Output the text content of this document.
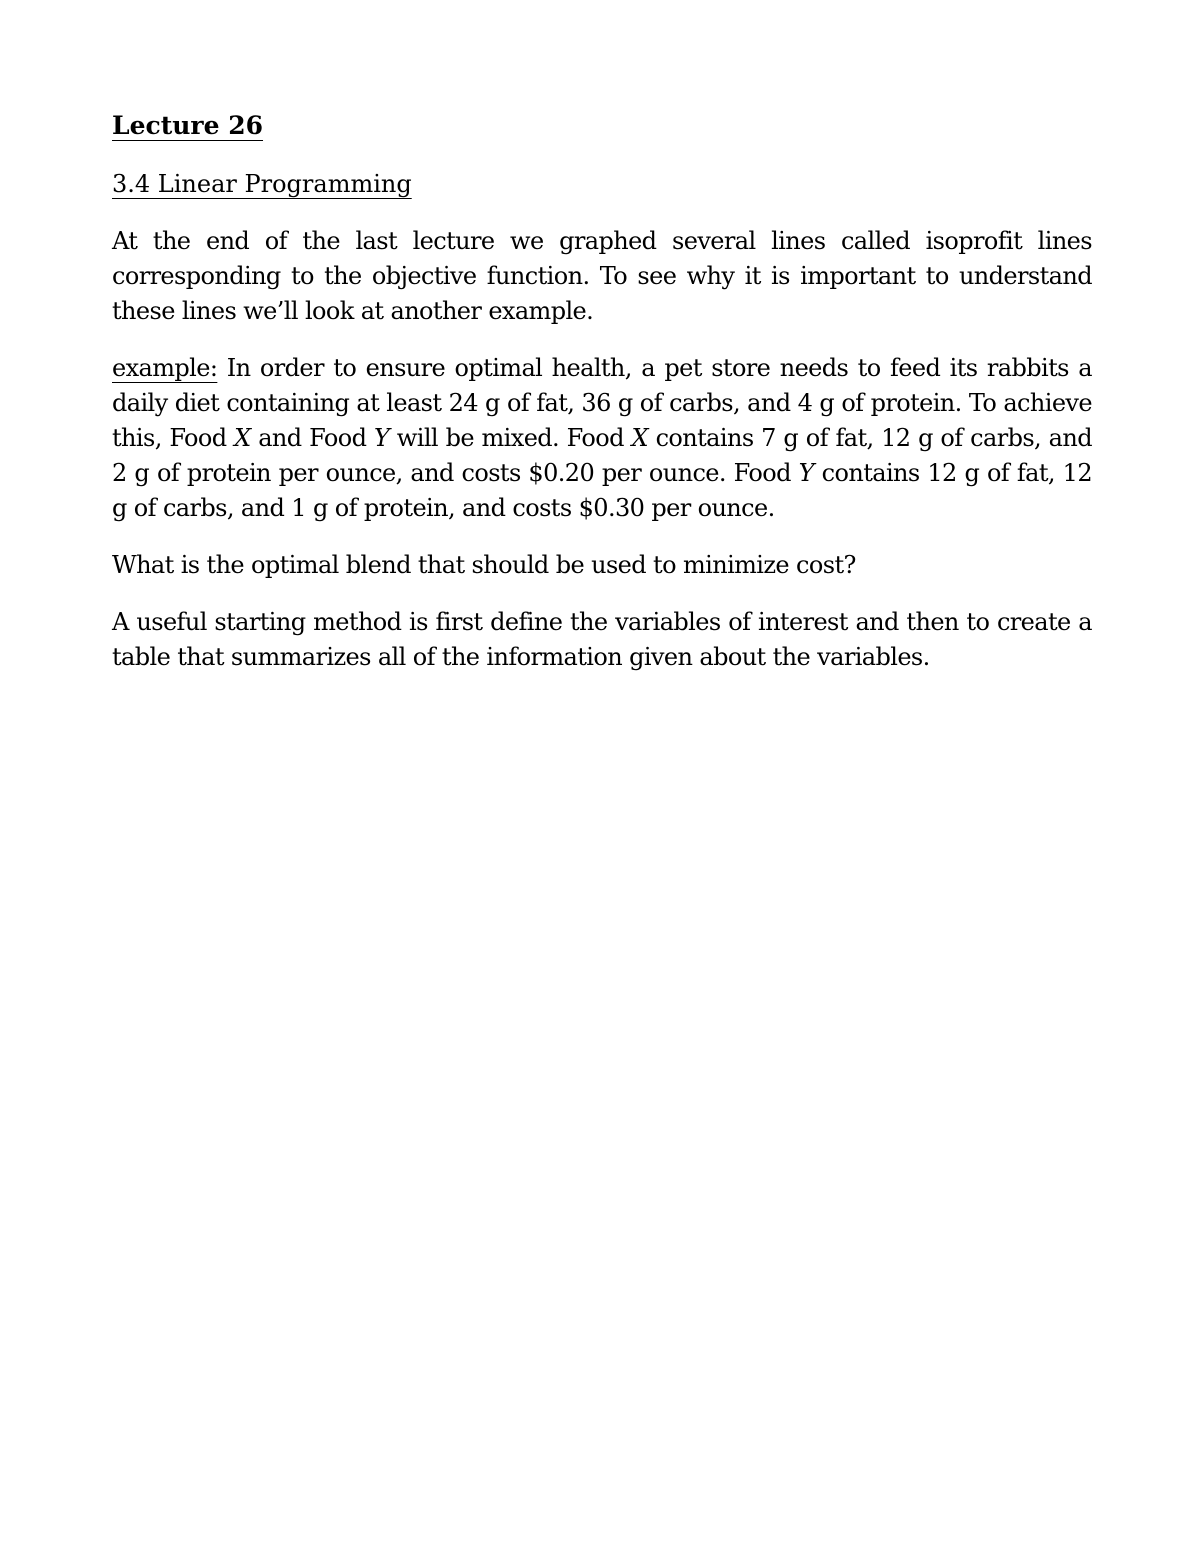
Lecture 26
3.4 Linear Programming

At the end of the last lecture we graphed several lines called isoprofit lines corresponding to the objective function. To see why it is important to understand these lines we’ll look at another example.

example: In order to ensure optimal health, a pet store needs to feed its rabbits a daily diet containing at least 24 g of fat, 36 g of carbs, and 4 g of protein. To achieve this, Food X and Food Y will be mixed. Food X contains 7 g of fat, 12 g of carbs, and 2 g of protein per ounce, and costs $0.20 per ounce. Food Y contains 12 g of fat, 12 g of carbs, and 1 g of protein, and costs $0.30 per ounce.

What is the optimal blend that should be used to minimize cost?

A useful starting method is first define the variables of interest and then to create a table that summarizes all of the information given about the variables.
